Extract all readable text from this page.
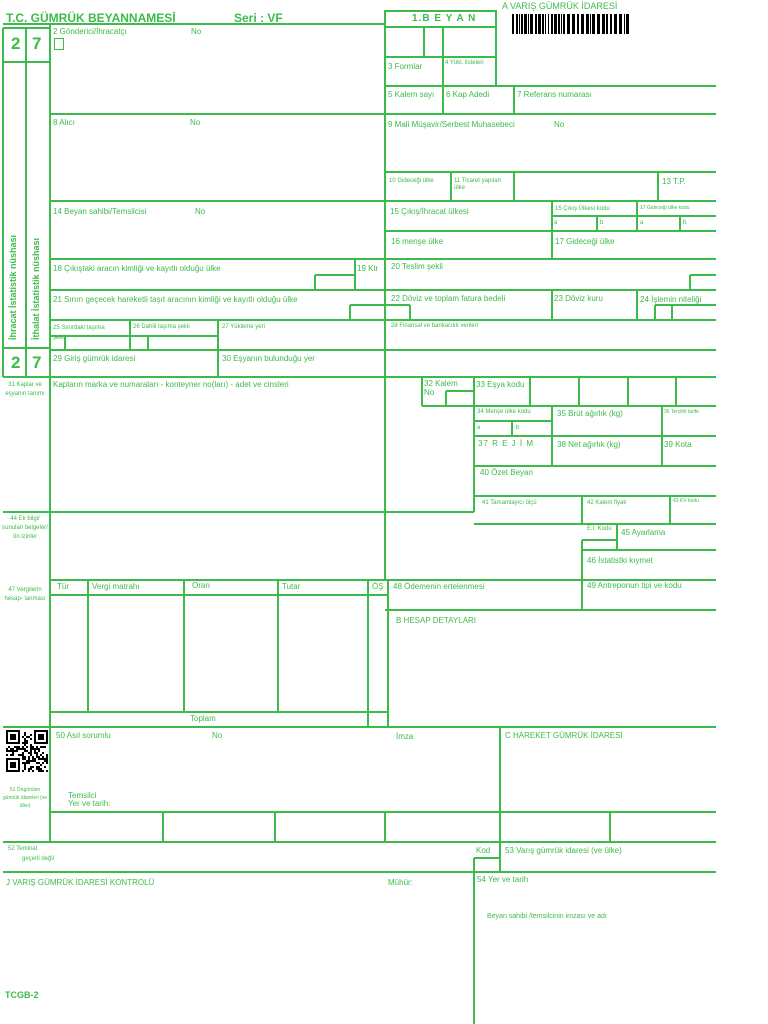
T.C. GÜMRÜK BEYANNAMESİ	Seri : VF	1.B E Y A N
A VARIŞ GÜMRÜK İDARESİ
2 7
2 7
İhracat İstatistik nüshası İthalat İstatistik nüshası
2 Gönderici/İhracatçı	No
3 Formlar	4 Yükl. listeleri
5 Kalem sayı 6 Kap Adedi	7 Referans numarası
8 Alıcı	No	9 Mali Müşavir/Serbest Muhasebeci	No
10 Gideceği ülke	11 Ticaret yapılan ülke
13 T.P.
14 Beyan sahibi/Temsilcisi	No	15 Çıkış/İhracat ülkesi	15 Çıkış Ülkesi kodu	17 Gideceği ülke kodu
a	b	a	b
16 menşe ülke	17 Gideceği ülke
18 Çıkıştaki aracın kimliği ve kayıtlı olduğu ülke	19 Ktr 20 Teslim şekli
21 Sınırı geçecek hareketli taşıt aracının kimliği ve kayıtlı olduğu ülke	22 Döviz ve toplam fatura bedeli	23 Döviz kuru	24 İşlemin niteliği
25 Sınırdaki taşıma şekli
26 Dahili taşıma şekli	27 Yükleme yeri	28 Finansal ve bankacılık verileri
29 Giriş gümrük idaresi	30 Eşyanın bulunduğu yer
31 Kaplar ve eşyanın tanımı
Kapların marka ve numaraları - konteyner no(ları) - adet ve cinsleri	32 Kalem No
33 Eşya kodu
34 Menşe ülke kodu
a	b
35 Brüt ağırlık (kg)	36 Tercihli tarife
37 R E J İ M	38 Net ağırlık (kg)	39 Kota
40 Özet Beyan
41 Tamamlayıcı ölçü	42 Kalem fiyatı	43 KV kodu
44 Ek bilgi/ sunulan belgeler/ ön izinler
E.İ. Kodu 45 Ayarlama
46 İstatistki kıymet
47 Vergilerin hesap- lanması
Tür	Vergi matrahı	Oran	Tutar	ÖŞ
Toplam
48 Ödemenin ertelenmesi	49 Antreponun tipi ve kodu
B HESAP DETAYLARI
50 Asıl sorumlu	No	İmza	C HAREKET GÜMRÜK İDARESİ
Temsilci
Yer ve tarih:
51 Öngörülen gümrük idareleri (ve ülke)
52 Teminat
geçerli değil
Kod 53 Varış gümrük idaresi (ve ülke)
J VARIŞ GÜMRÜK İDARESİ KONTROLÜ	Mühür:	54 Yer ve tarih
Beyan sahibi /temsilcinin imzası ve adı
TCGB-2
